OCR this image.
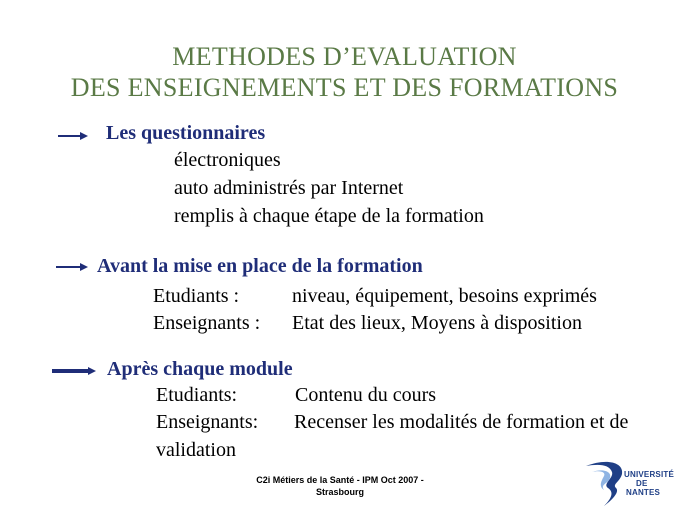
METHODES D’EVALUATION
DES ENSEIGNEMENTS ET DES FORMATIONS
Les questionnaires
électroniques
auto administrés par Internet
remplis à chaque étape de la formation
Avant la mise en place de la formation
Etudiants :	niveau, équipement, besoins exprimés
Enseignants : Etat des lieux, Moyens à disposition
Après chaque module
Etudiants:	Contenu du cours
Enseignants: Recenser les modalités de formation et de
validation
C2i Métiers de la Santé - IPM Oct 2007 -
Strasbourg
UNIVERSITÉ
DE
NANTES
